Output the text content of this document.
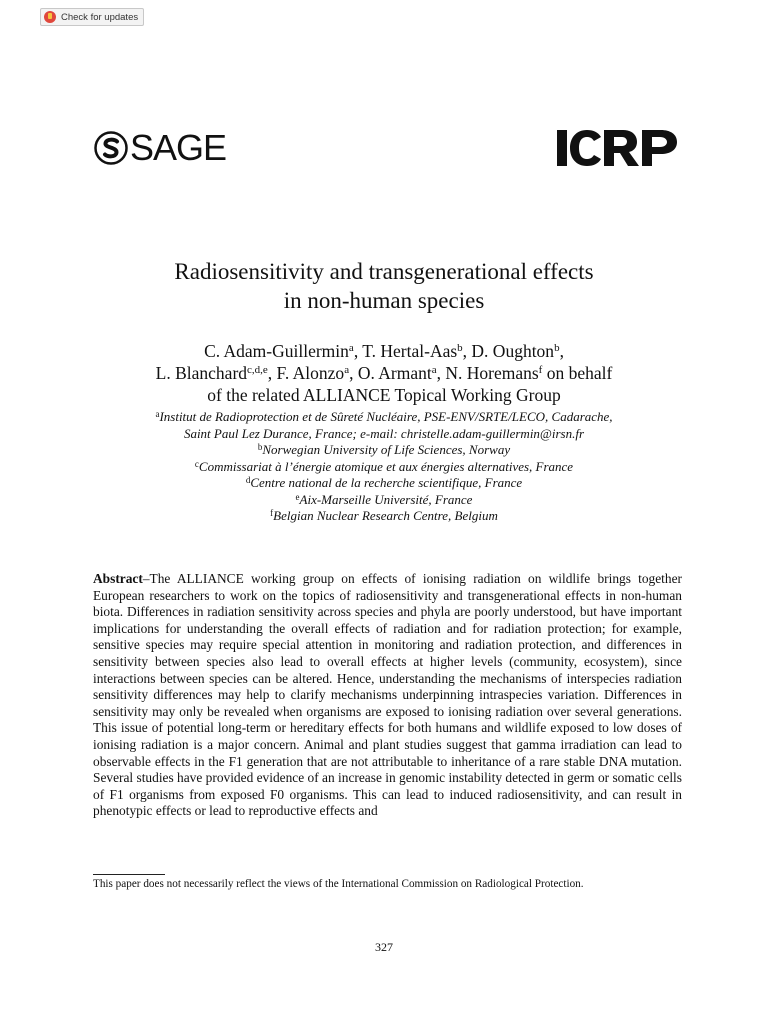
Check for updates
SAGE
Radiosensitivity and transgenerational effects
in non-human species
C. Adam-Guillermin$^a$, T. Hertal-Aas$^b$, D. Oughton$^b$,
L. Blanchard$^{c,d,e}$, F. Alonzo$^a$, O. Armant$^a$, N. Horemans$^f$ on behalf
of the related ALLIANCE Topical Working Group
$^a$Institut de Radioprotection et de Sûreté Nucléaire, PSE-ENV/SRTE/LECO, Cadarache,
Saint Paul Lez Durance, France; e-mail: christelle.adam-guillermin@irsn.fr
$^b$Norwegian University of Life Sciences, Norway
$^c$Commissariat à l’énergie atomique et aux énergies alternatives, France
$^d$Centre national de la recherche scientifique, France
$^e$Aix-Marseille Université, France
$^f$Belgian Nuclear Research Centre, Belgium

Abstract–The ALLIANCE working group on effects of ionising radiation on wildlife brings together European researchers to work on the topics of radiosensitivity and transgenerational effects in non-human biota. Differences in radiation sensitivity across species and phyla are poorly understood, but have important implications for understanding the overall effects of radiation and for radiation protection; for example, sensitive species may require special attention in monitoring and radiation protection, and differences in sensitivity between species also lead to overall effects at higher levels (community, ecosystem), since interactions between species can be altered. Hence, understanding the mechanisms of interspecies radiation sensitivity differences may help to clarify mechanisms underpinning intraspecies variation. Differences in sensitivity may only be revealed when organisms are exposed to ionising radiation over several generations. This issue of potential long-term or hereditary effects for both humans and wildlife exposed to low doses of ionising radiation is a major concern. Animal and plant studies suggest that gamma irradiation can lead to observable effects in the F1 generation that are not attributable to inheritance of a rare stable DNA mutation. Several studies have provided evidence of an increase in genomic instability detected in germ or somatic cells of F1 organisms from exposed F0 organisms. This can lead to induced radiosensitivity, and can result in phenotypic effects or lead to reproductive effects and

This paper does not necessarily reflect the views of the International Commission on Radiological Protection.
327
